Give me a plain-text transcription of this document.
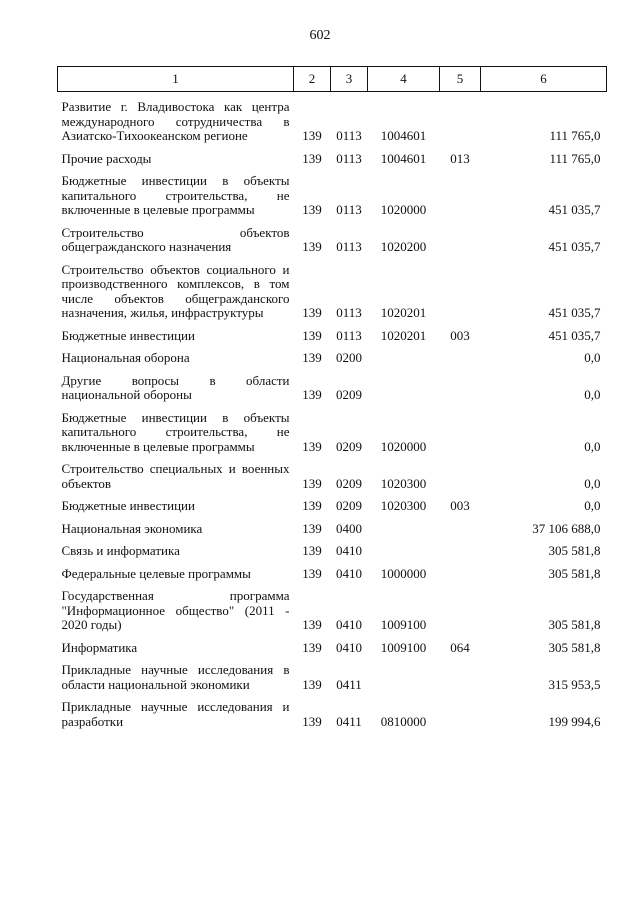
602
1	2	3	4	5	6

Развитие г. Владивостока как центра международного сотрудничества в Азиатско-Тихоокеанском регионе	139	0113	1004601		111 765,0

Прочие расходы	139	0113	1004601	013	111 765,0

Бюджетные инвестиции в объекты капитального строительства, не включенные в целевые программы	139	0113	1020000		451 035,7

Строительство объектов общегражданского назначения	139	0113	1020200		451 035,7

Строительство объектов социального и производственного комплексов, в том числе объектов общегражданского назначения, жилья, инфраструктуры	139	0113	1020201		451 035,7

Бюджетные инвестиции	139	0113	1020201	003	451 035,7

Национальная оборона	139	0200			0,0

Другие вопросы в области национальной обороны	139	0209			0,0

Бюджетные инвестиции в объекты капитального строительства, не включенные в целевые программы	139	0209	1020000		0,0

Строительство специальных и военных объектов	139	0209	1020300		0,0

Бюджетные инвестиции	139	0209	1020300	003	0,0

Национальная экономика	139	0400			37 106 688,0

Связь и информатика	139	0410			305 581,8

Федеральные целевые программы	139	0410	1000000		305 581,8

Государственная программа "Информационное общество" (2011 - 2020 годы)	139	0410	1009100		305 581,8

Информатика	139	0410	1009100	064	305 581,8

Прикладные научные исследования в области национальной экономики	139	0411			315 953,5

Прикладные научные исследования и разработки	139	0411	0810000		199 994,6
